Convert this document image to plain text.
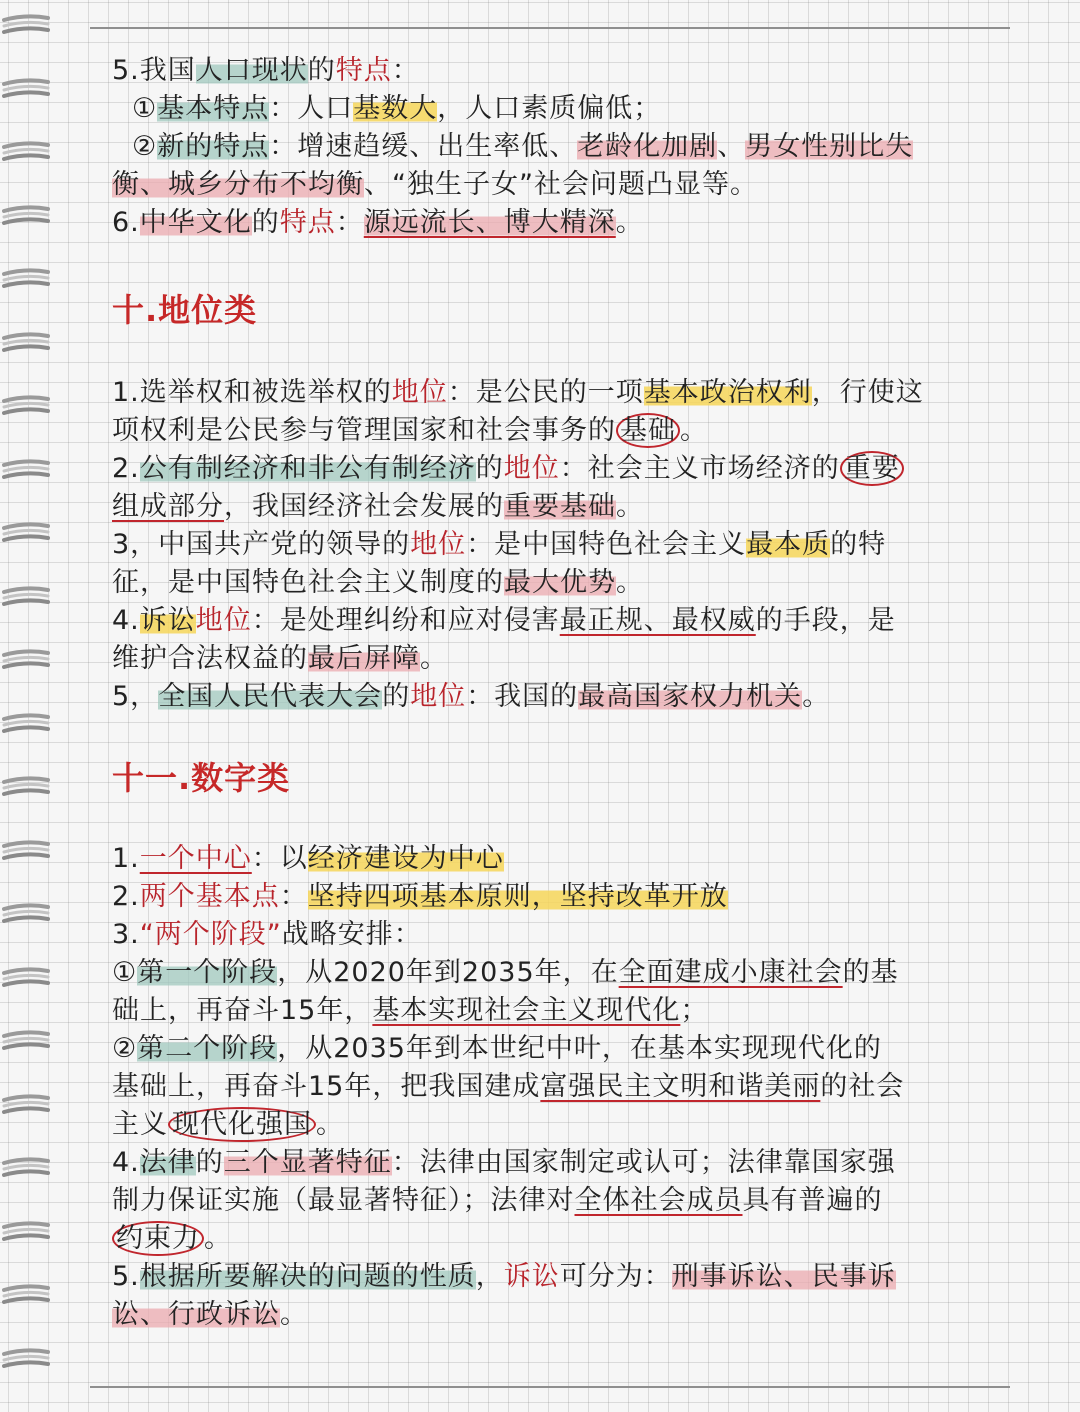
5.我国人口现状的特点：
①基本特点：人口基数大，人口素质偏低；
②新的特点：增速趋缓、出生率低、老龄化加剧、男女性别比失
衡、城乡分布不均衡、“独生子女”社会问题凸显等。
6.中华文化的特点：源远流长、博大精深。
十.地位类
1.选举权和被选举权的地位：是公民的一项基本政治权利，行使这
项权利是公民参与管理国家和社会事务的 基础 。
2.公有制经济和非公有制经济的地位：社会主义市场经济的 重要
组成部分，我国经济社会发展的重要基础。
3，中国共产党的领导的地位：是中国特色社会主义最本质的特
征，是中国特色社会主义制度的最大优势。
4.诉讼地位：是处理纠纷和应对侵害最正规、最权威的手段，是
维护合法权益的最后屏障。
5，全国人民代表大会的地位：我国的最高国家权力机关。
十一.数字类
1.一个中心：以经济建设为中心
2.两个基本点：坚持四项基本原则，坚持改革开放
3.“两个阶段”战略安排：
①第一个阶段，从2020年到2035年，在全面建成小康社会的基
础上，再奋斗15年，基本实现社会主义现代化；
②第二个阶段，从2035年到本世纪中叶，在基本实现现代化的
基础上，再奋斗15年，把我国建成富强民主文明和谐美丽的社会
主义 现代化强国 。
4.法律的三个显著特征：法律由国家制定或认可；法律靠国家强
制力保证实施（最显著特征）；法律对全体社会成员具有普遍的
约束力 。
5.根据所要解决的问题的性质，诉讼可分为：刑事诉讼、民事诉
讼、行政诉讼。
